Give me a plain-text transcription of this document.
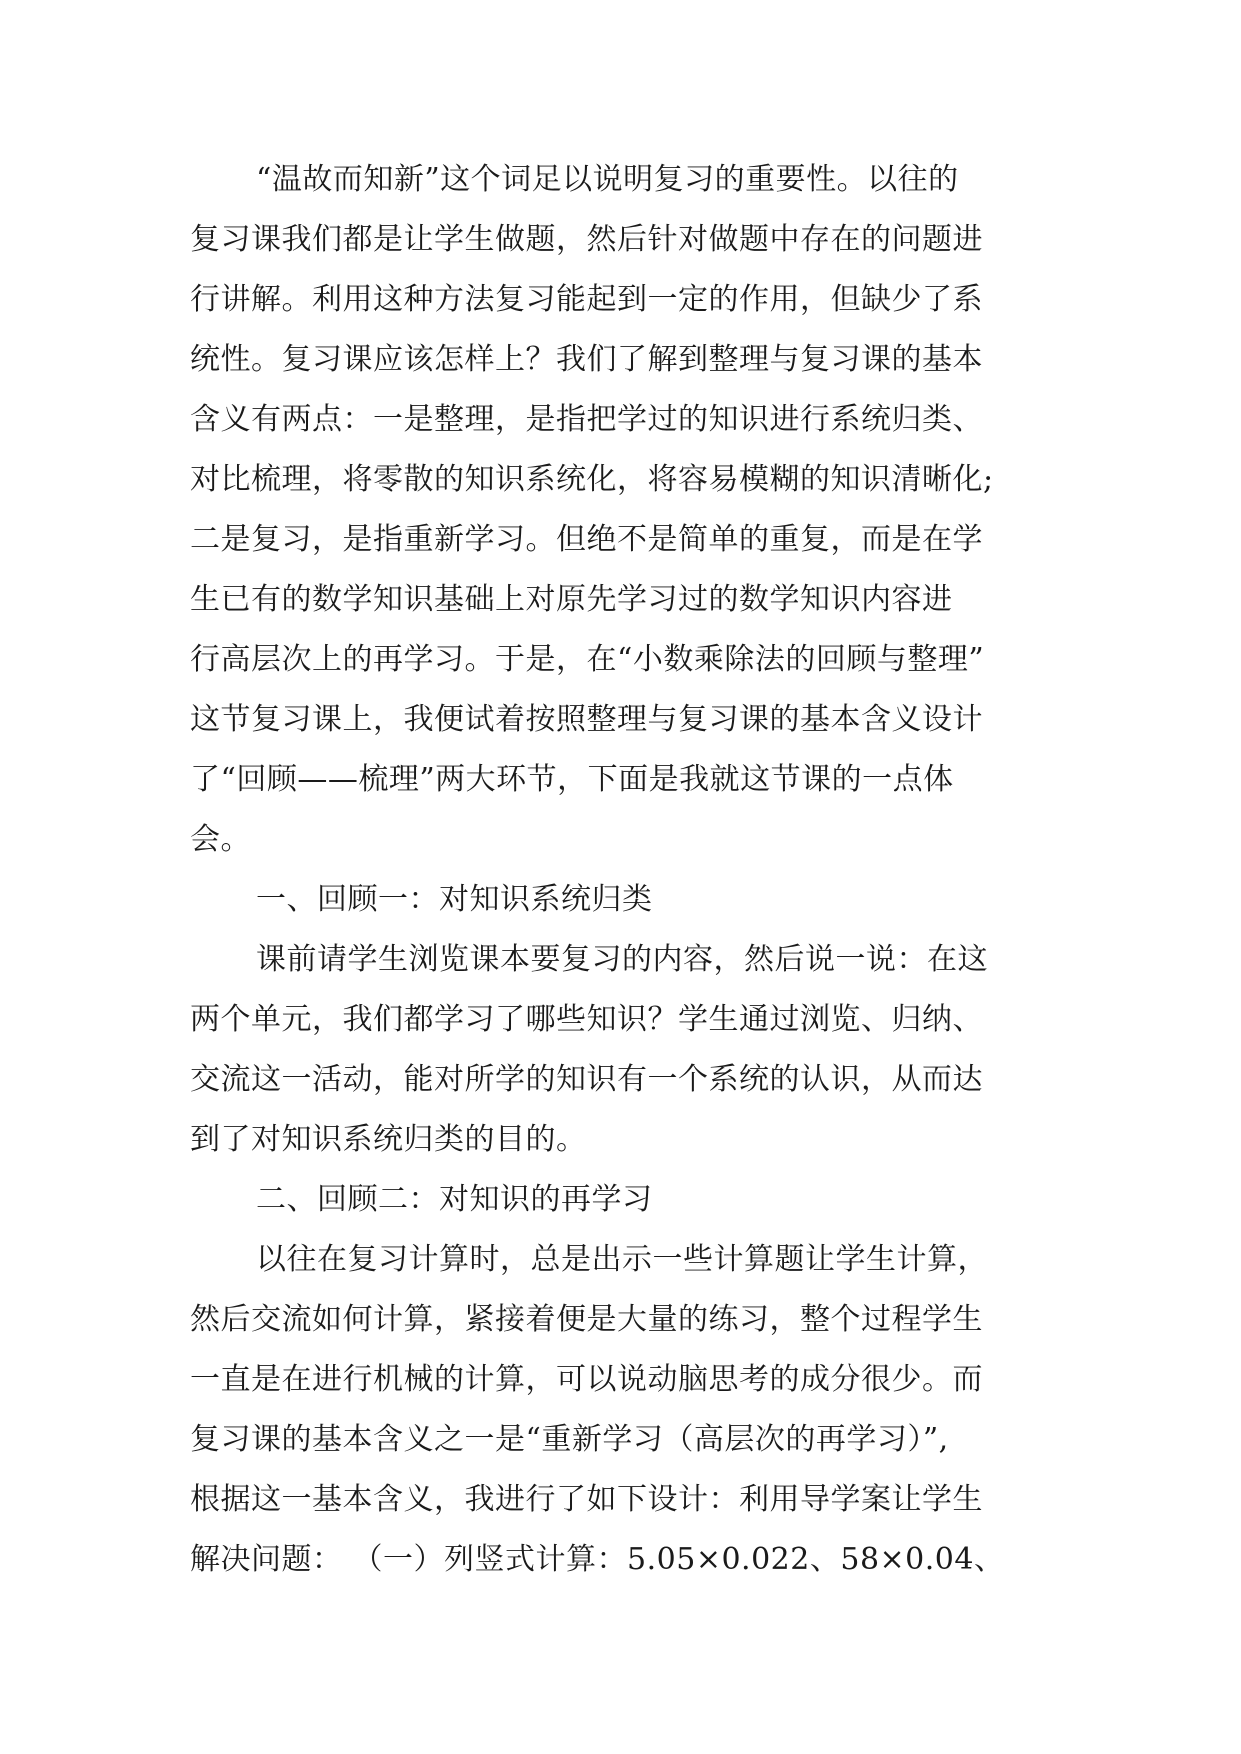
“温故而知新”这个词足以说明复习的重要性。以往的
复习课我们都是让学生做题，然后针对做题中存在的问题进
行讲解。利用这种方法复习能起到一定的作用，但缺少了系
统性。复习课应该怎样上？我们了解到整理与复习课的基本
含义有两点：一是整理，是指把学过的知识进行系统归类、
对比梳理，将零散的知识系统化，将容易模糊的知识清晰化;
二是复习，是指重新学习。但绝不是简单的重复，而是在学
生已有的数学知识基础上对原先学习过的数学知识内容进
行高层次上的再学习。于是，在“小数乘除法的回顾与整理”
这节复习课上，我便试着按照整理与复习课的基本含义设计
了“回顾——梳理”两大环节，下面是我就这节课的一点体
会。
一、回顾一：对知识系统归类
课前请学生浏览课本要复习的内容，然后说一说：在这
两个单元，我们都学习了哪些知识？学生通过浏览、归纳、
交流这一活动，能对所学的知识有一个系统的认识，从而达
到了对知识系统归类的目的。
二、回顾二：对知识的再学习
以往在复习计算时，总是出示一些计算题让学生计算，
然后交流如何计算，紧接着便是大量的练习，整个过程学生
一直是在进行机械的计算，可以说动脑思考的成分很少。而
复习课的基本含义之一是“重新学习（高层次的再学习）”,
根据这一基本含义，我进行了如下设计：利用导学案让学生
解决问题： （一）列竖式计算：5.05×0.022、58×0.04、
